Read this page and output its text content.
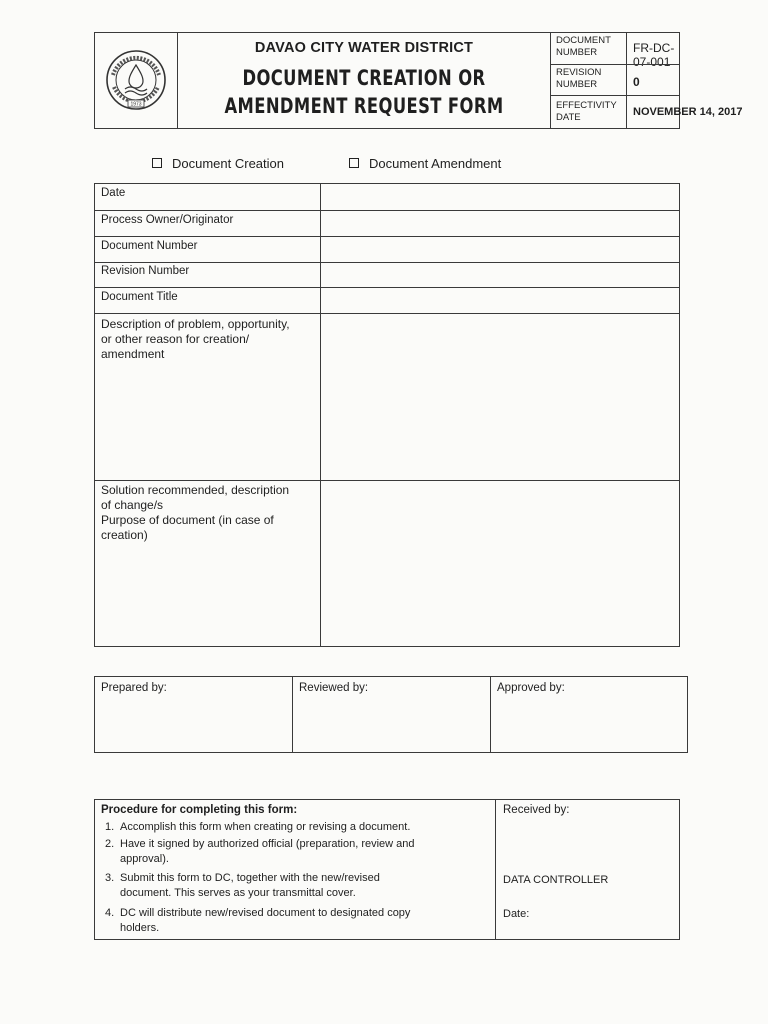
1973
DAVAO CITY WATER DISTRICT
DOCUMENT CREATION OR
AMENDMENT REQUEST FORM
DOCUMENT
NUMBER	FR-DC-07-001
REVISION
NUMBER	0
EFFECTIVITY
DATE	NOVEMBER 14, 2017
Document Creation	Document Amendment
Date
Process Owner/Originator
Document Number
Revision Number
Document Title
Description of problem, opportunity,
or other reason for creation/
amendment
Solution recommended, description
of change/s
Purpose of document (in case of
creation)
Prepared by:	Reviewed by:	Approved by:
Procedure for completing this form:
1. Accomplish this form when creating or revising a document.
2. Have it signed by authorized official (preparation, review and
approval).
3. Submit this form to DC, together with the new/revised
document. This serves as your transmittal cover.
4. DC will distribute new/revised document to designated copy
holders.
Received by:
DATA CONTROLLER
Date:
